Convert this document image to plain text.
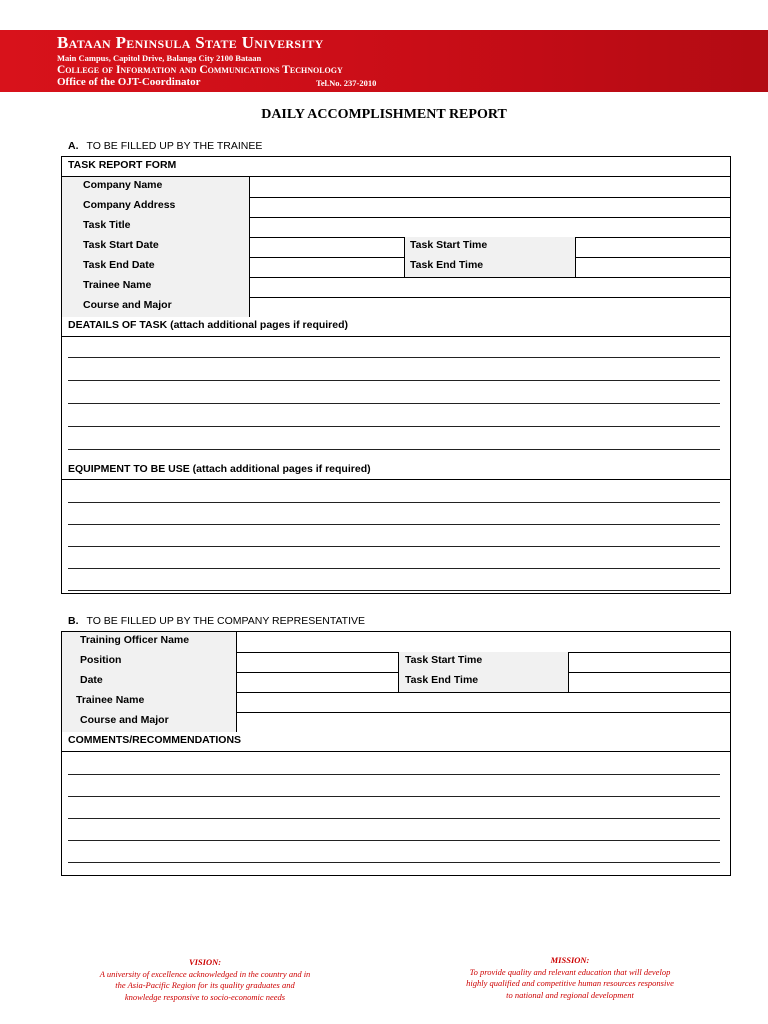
Bataan Peninsula State University
Main Campus, Capitol Drive, Balanga City 2100 Bataan
College of Information and Communications Technology
Office of the OJT-Coordinator	Tel.No. 237-2010
DAILY ACCOMPLISHMENT REPORT
A. TO BE FILLED UP BY THE TRAINEE
TASK REPORT FORM
Company Name
Company Address
Task Title
Task Start Date	Task Start Time
Task End Date	Task End Time
Trainee Name
Course and Major
DEATAILS OF TASK (attach additional pages if required)
EQUIPMENT TO BE USE (attach additional pages if required)
B. TO BE FILLED UP BY THE COMPANY REPRESENTATIVE
Training Officer Name
Position	Task Start Time
Date	Task End Time
Trainee Name
Course and Major
COMMENTS/RECOMMENDATIONS
VISION:
A university of excellence acknowledged in the country and in
the Asia-Pacific Region for its quality graduates and
knowledge responsive to socio-economic needs
MISSION:
To provide quality and relevant education that will develop
highly qualified and competitive human resources responsive
to national and regional development
